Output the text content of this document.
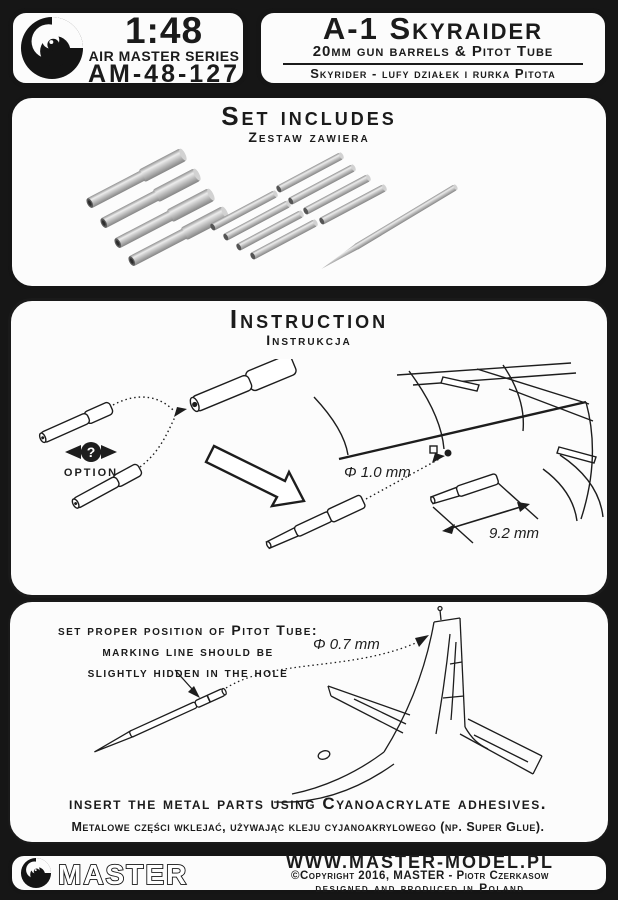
1:48
AIR MASTER SERIES
AM-48-127
A-1 Skyraider
20mm gun barrels & Pitot Tube
Skyrider - lufy działek i rurka Pitota
Set includes
Zestaw zawiera
Instruction
Instrukcja
?
OPTION	Φ 1.0 mm
9.2 mm
set proper position of Pitot Tube:
marking line should be
slightly hidden in the hole
Φ 0.7 mm
insert the metal parts using Cyanoacrylate adhesives.
Metalowe części wklejać, używając kleju cyjanoakrylowego (np. Super Glue).
MASTER	WWW.MASTER-MODEL.PL
©Copyright 2016, MASTER - Piotr Czerkasow
designed and produced in Poland
